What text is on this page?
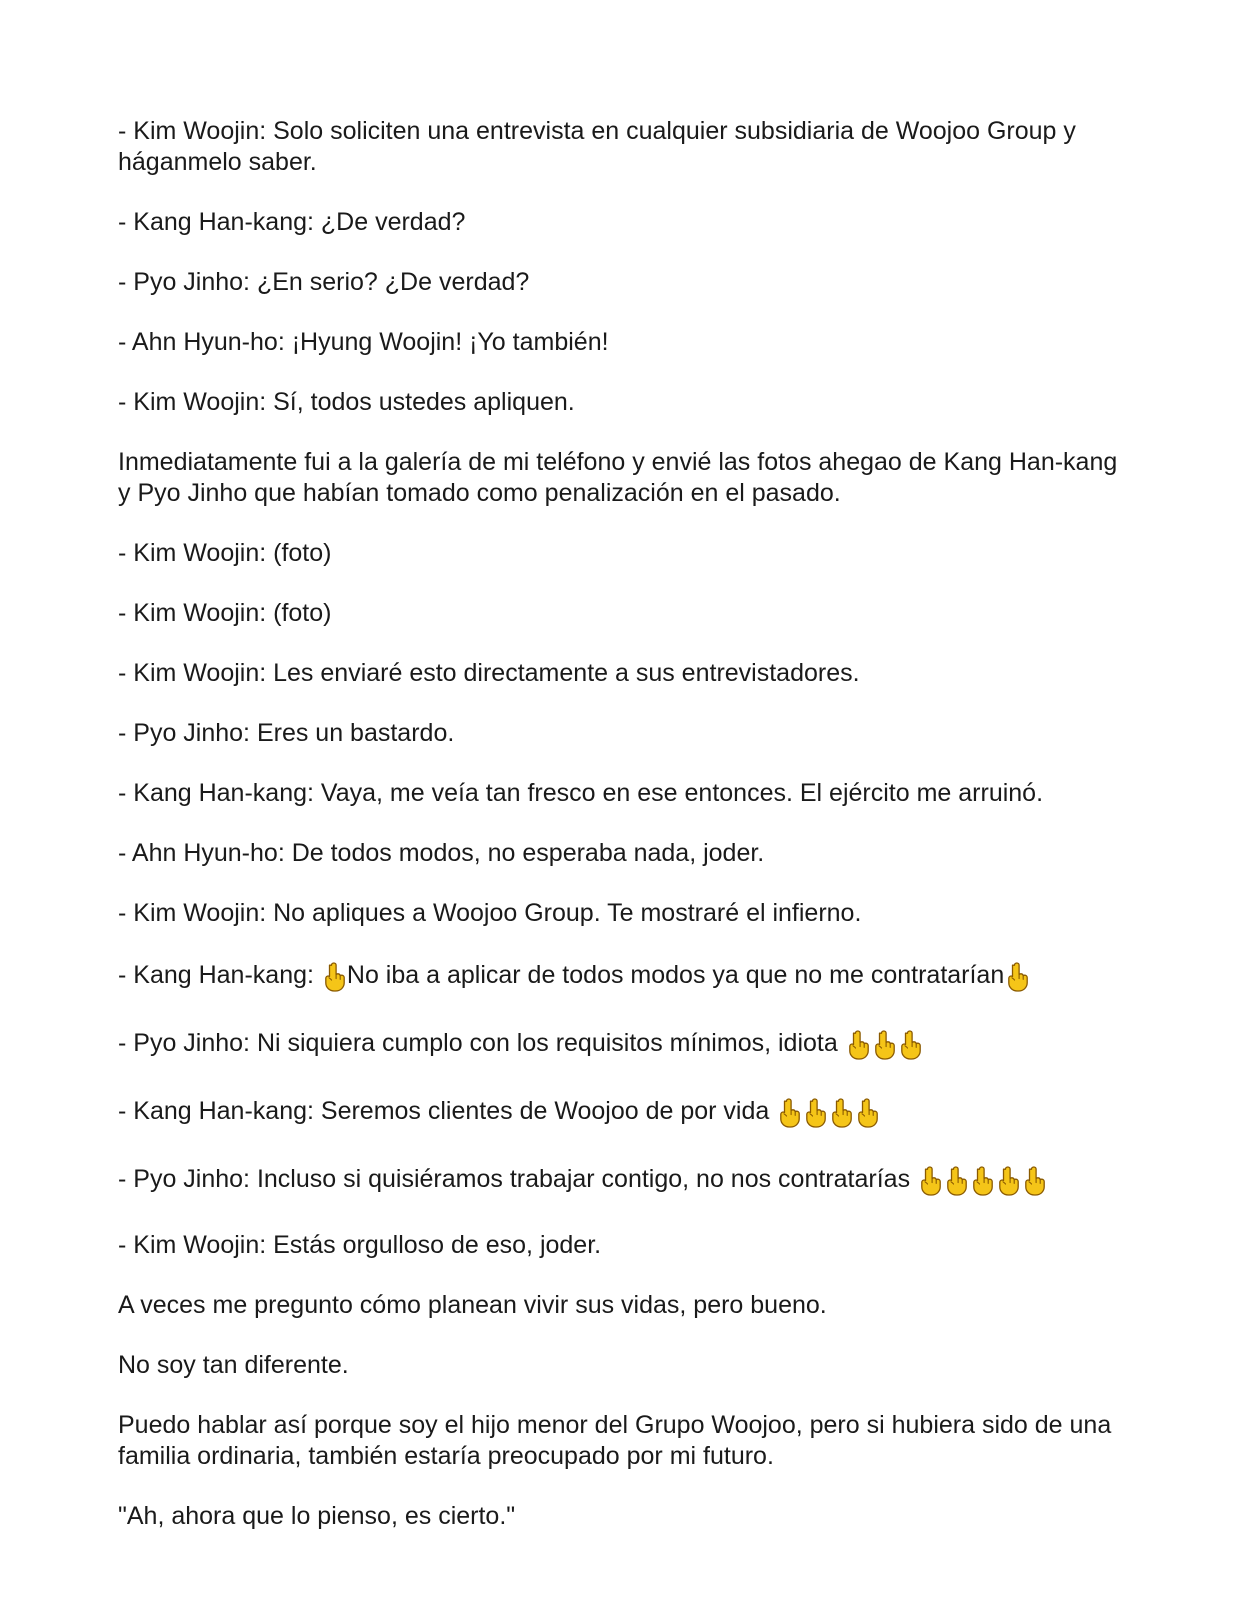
- Kim Woojin: Solo soliciten una entrevista en cualquier subsidiaria de Woojoo Group y háganmelo saber.

- Kang Han-kang: ¿De verdad?

- Pyo Jinho: ¿En serio? ¿De verdad?

- Ahn Hyun-ho: ¡Hyung Woojin! ¡Yo también!

- Kim Woojin: Sí, todos ustedes apliquen.

Inmediatamente fui a la galería de mi teléfono y envié las fotos ahegao de Kang Han-kang y Pyo Jinho que habían tomado como penalización en el pasado.

- Kim Woojin: (foto)

- Kim Woojin: (foto)

- Kim Woojin: Les enviaré esto directamente a sus entrevistadores.

- Pyo Jinho: Eres un bastardo.

- Kang Han-kang: Vaya, me veía tan fresco en ese entonces. El ejército me arruinó.

- Ahn Hyun-ho: De todos modos, no esperaba nada, joder.

- Kim Woojin: No apliques a Woojoo Group. Te mostraré el infierno.

- Kang Han-kang:
No iba a aplicar de todos modos ya que no me contratarían

- Pyo Jinho: Ni siquiera cumplo con los requisitos mínimos, idiota

- Kang Han-kang: Seremos clientes de Woojoo de por vida

- Pyo Jinho: Incluso si quisiéramos trabajar contigo, no nos contratarías

- Kim Woojin: Estás orgulloso de eso, joder.

A veces me pregunto cómo planean vivir sus vidas, pero bueno.

No soy tan diferente.

Puedo hablar así porque soy el hijo menor del Grupo Woojoo, pero si hubiera sido de una familia ordinaria, también estaría preocupado por mi futuro.

"Ah, ahora que lo pienso, es cierto."
